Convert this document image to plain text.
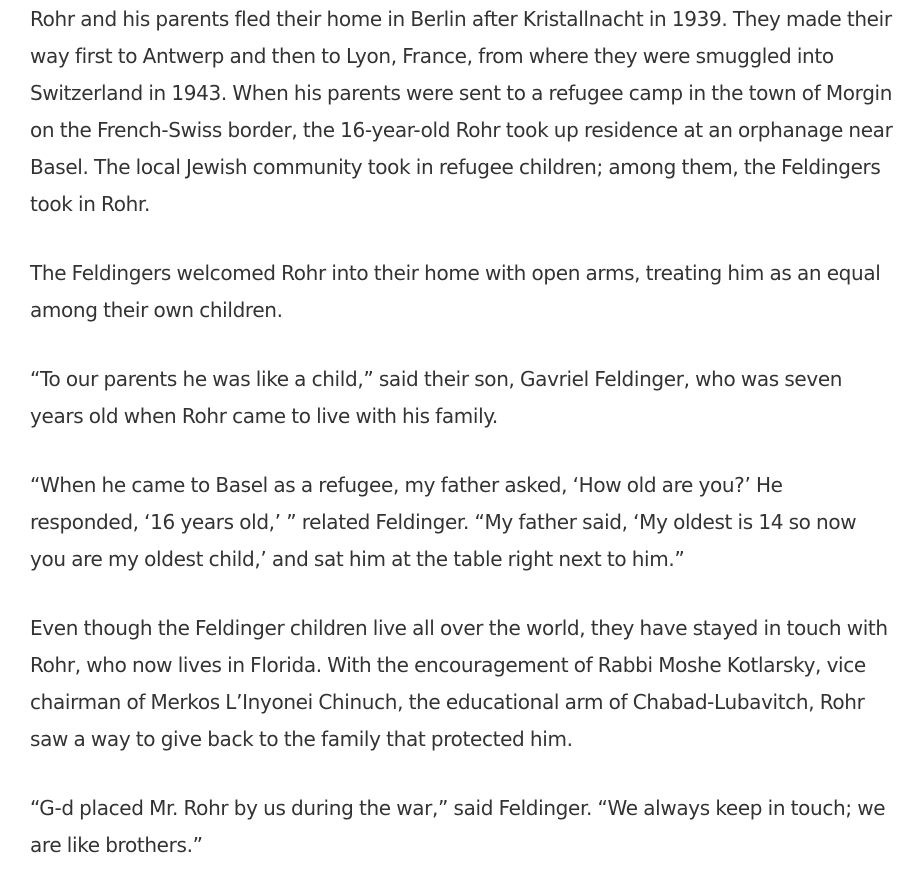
Rohr and his parents fled their home in Berlin after Kristallnacht in 1939. They made their way first to Antwerp and then to Lyon, France, from where they were smuggled into Switzerland in 1943. When his parents were sent to a refugee camp in the town of Morgin on the French-Swiss border, the 16-year-old Rohr took up residence at an orphanage near Basel. The local Jewish community took in refugee children; among them, the Feldingers took in Rohr.

The Feldingers welcomed Rohr into their home with open arms, treating him as an equal among their own children.

“To our parents he was like a child,” said their son, Gavriel Feldinger, who was seven years old when Rohr came to live with his family.

“When he came to Basel as a refugee, my father asked, ‘How old are you?’ He responded, ‘16 years old,’ ” related Feldinger. “My father said, ‘My oldest is 14 so now you are my oldest child,’ and sat him at the table right next to him.”

Even though the Feldinger children live all over the world, they have stayed in touch with Rohr, who now lives in Florida. With the encouragement of Rabbi Moshe Kotlarsky, vice chairman of Merkos L’Inyonei Chinuch, the educational arm of Chabad-Lubavitch, Rohr saw a way to give back to the family that protected him.

“G-d placed Mr. Rohr by us during the war,” said Feldinger. “We always keep in touch; we are like brothers.”
